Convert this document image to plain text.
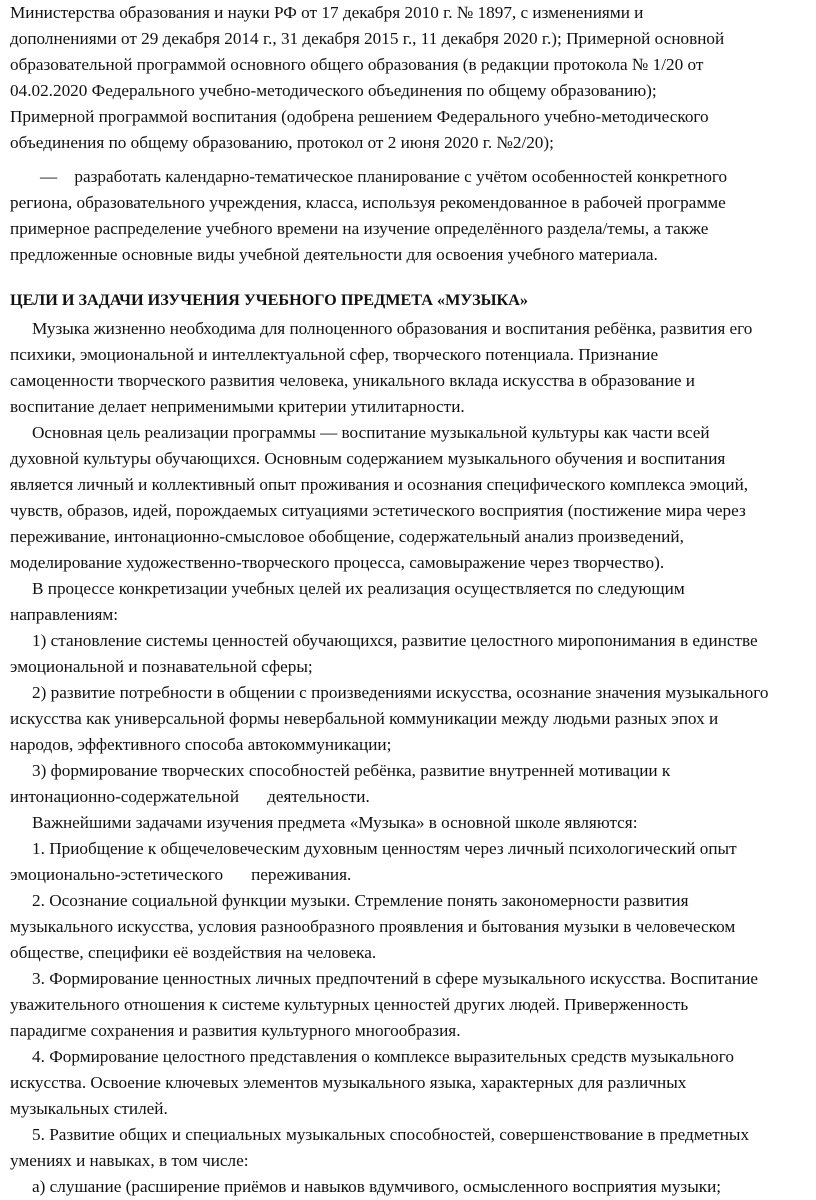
Министерства образования и науки РФ от 17 декабря 2010 г. № 1897, с изменениями и
дополнениями от 29 декабря 2014 г., 31 декабря 2015 г., 11 декабря 2020 г.); Примерной основной
образовательной программой основного общего образования (в редакции протокола № 1/20 от
04.02.2020 Федерального учебно-методического объединения по общему образованию);
Примерной программой воспитания (одобрена решением Федерального учебно-методического
объединения по общему образованию, протокол от 2 июня 2020 г. №2/20);
— разработать календарно-тематическое планирование с учётом особенностей конкретного
региона, образовательного учреждения, класса, используя рекомендованное в рабочей программе
примерное распределение учебного времени на изучение определённого раздела/темы, а также
предложенные основные виды учебной деятельности для освоения учебного материала.
ЦЕЛИ И ЗАДАЧИ ИЗУЧЕНИЯ УЧЕБНОГО ПРЕДМЕТА «МУЗЫКА»
Музыка жизненно необходима для полноценного образования и воспитания ребёнка, развития его
психики, эмоциональной и интеллектуальной сфер, творческого потенциала. Признание
самоценности творческого развития человека, уникального вклада искусства в образование и
воспитание делает неприменимыми критерии утилитарности.
Основная цель реализации программы — воспитание музыкальной культуры как части всей
духовной культуры обучающихся. Основным содержанием музыкального обучения и воспитания
является личный и коллективный опыт проживания и осознания специфического комплекса эмоций,
чувств, образов, идей, порождаемых ситуациями эстетического восприятия (постижение мира через
переживание, интонационно-смысловое обобщение, содержательный анализ произведений,
моделирование художественно-творческого процесса, самовыражение через творчество).
В процессе конкретизации учебных целей их реализация осуществляется по следующим
направлениям:
1) становление системы ценностей обучающихся, развитие целостного миропонимания в единстве
эмоциональной и познавательной сферы;
2) развитие потребности в общении с произведениями искусства, осознание значения музыкального
искусства как универсальной формы невербальной коммуникации между людьми разных эпох и
народов, эффективного способа автокоммуникации;
3) формирование творческих способностей ребёнка, развитие внутренней мотивации к
интонационно-содержательной деятельности.
Важнейшими задачами изучения предмета «Музыка» в основной школе являются:
1. Приобщение к общечеловеческим духовным ценностям через личный психологический опыт
эмоционально-эстетического переживания.
2. Осознание социальной функции музыки. Стремление понять закономерности развития
музыкального искусства, условия разнообразного проявления и бытования музыки в человеческом
обществе, специфики её воздействия на человека.
3. Формирование ценностных личных предпочтений в сфере музыкального искусства. Воспитание
уважительного отношения к системе культурных ценностей других людей. Приверженность
парадигме сохранения и развития культурного многообразия.
4. Формирование целостного представления о комплексе выразительных средств музыкального
искусства. Освоение ключевых элементов музыкального языка, характерных для различных
музыкальных стилей.
5. Развитие общих и специальных музыкальных способностей, совершенствование в предметных
умениях и навыках, в том числе:
а) слушание (расширение приёмов и навыков вдумчивого, осмысленного восприятия музыки;
